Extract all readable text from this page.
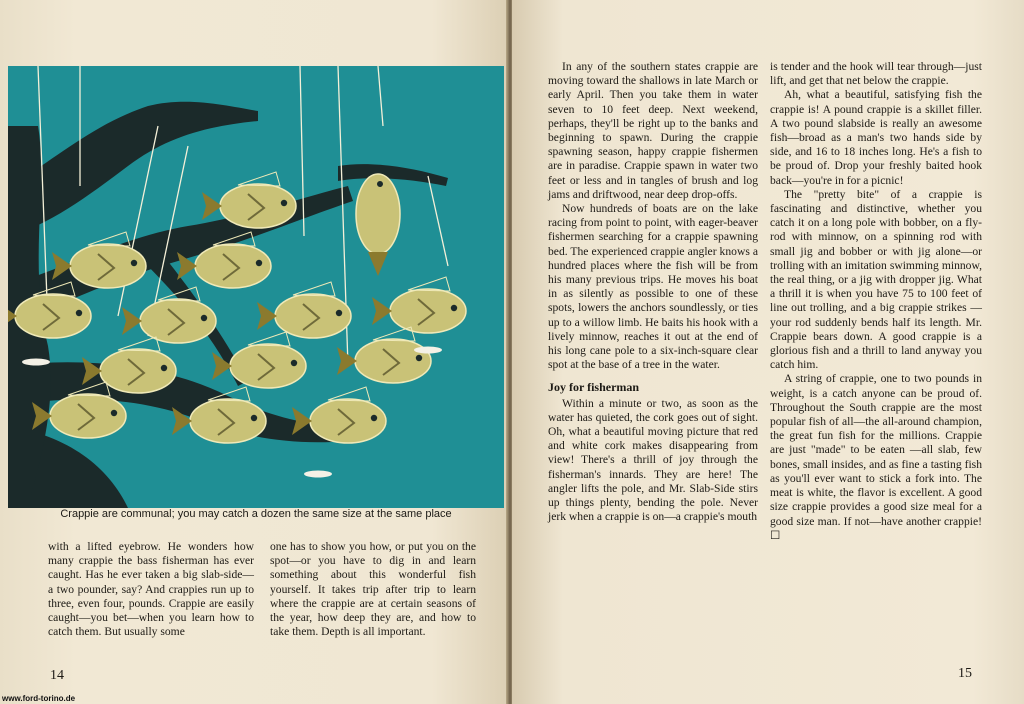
Crappie are communal; you may catch a dozen the same size at the same place

with a lifted eyebrow. He wonders how many crappie the bass fisherman has ever caught. Has he ever taken a big slab-side—a two pounder, say? And crappies run up to three, even four, pounds. Crappie are easily caught—you bet—when you learn how to catch them. But usually some

one has to show you how, or put you on the spot—or you have to dig in and learn something about this wonderful fish yourself. It takes trip after trip to learn where the crappie are at certain seasons of the year, how deep they are, and how to take them. Depth is all important.

14

In any of the southern states crappie are moving toward the shallows in late March or early April. Then you take them in water seven to 10 feet deep. Next weekend, perhaps, they'll be right up to the banks and beginning to spawn. During the crappie spawning season, happy crappie fishermen are in paradise. Crappie spawn in water two feet or less and in tangles of brush and log jams and driftwood, near deep drop-offs.

Now hundreds of boats are on the lake racing from point to point, with eager-beaver fishermen searching for a crappie spawning bed. The experienced crappie angler knows a hundred places where the fish will be from his many previous trips. He moves his boat in as silently as possible to one of these spots, lowers the anchors soundlessly, or ties up to a willow limb. He baits his hook with a lively minnow, reaches it out at the end of his long cane pole to a six-inch-square clear spot at the base of a tree in the water.

Joy for fisherman

Within a minute or two, as soon as the water has quieted, the cork goes out of sight. Oh, what a beautiful moving picture that red and white cork makes disappearing from view! There's a thrill of joy through the fisherman's innards. They are here! The angler lifts the pole, and Mr. Slab-Side stirs up things plenty, bending the pole. Never jerk when a crappie is on—a crappie's mouth

is tender and the hook will tear through—just lift, and get that net below the crappie.

Ah, what a beautiful, satisfying fish the crappie is! A pound crappie is a skillet filler. A two pound slabside is really an awesome fish—broad as a man's two hands side by side, and 16 to 18 inches long. He's a fish to be proud of. Drop your freshly baited hook back—you're in for a picnic!

The "pretty bite" of a crappie is fascinating and distinctive, whether you catch it on a long pole with bobber, on a fly-rod with minnow, on a spinning rod with small jig and bobber or with jig alone—or trolling with an imitation swimming minnow, the real thing, or a jig with dropper jig. What a thrill it is when you have 75 to 100 feet of line out trolling, and a big crappie strikes —your rod suddenly bends half its length. Mr. Crappie bears down. A good crappie is a glorious fish and a thrill to land anyway you catch him.

A string of crappie, one to two pounds in weight, is a catch anyone can be proud of. Throughout the South crappie are the most popular fish of all—the all-around champion, the great fun fish for the millions. Crappie are just "made" to be eaten —all slab, few bones, small insides, and as fine a tasting fish as you'll ever want to stick a fork into. The meat is white, the flavor is excellent. A good size crappie provides a good size meal for a good size man. If not—have another crappie! ☐

15
www.ford-torino.de
